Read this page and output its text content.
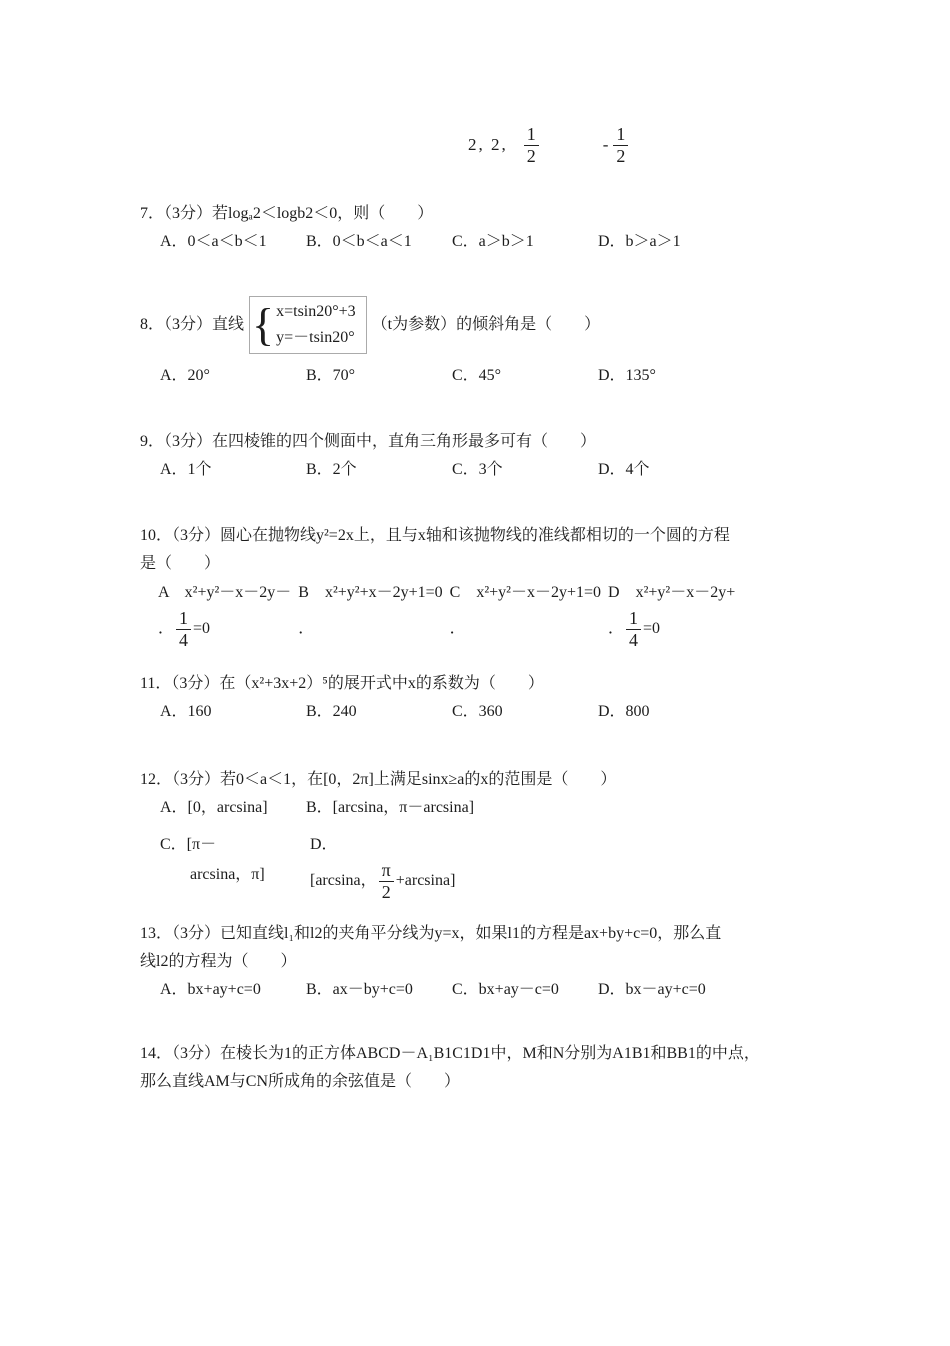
2, 2, $\frac{1}{2}$	- $\frac{1}{2}$
7．（3分）若logₐ2＜logb2＜0，则（　　）
A．0＜a＜b＜1 B．0＜b＜a＜1	C．a＞b＞1	D．b＞a＞1
8．（3分）直线 { x=tsin20°+3
y=－tsin20°
（t为参数）的倾斜角是（　　）
A．20°	B．70°	C．45°	D．135°
9．（3分）在四棱锥的四个侧面中，直角三角形最多可有（　　）
A．1个	B．2个	C．3个	D．4个
10．（3分）圆心在抛物线y²=2x上，且与x轴和该抛物线的准线都相切的一个圆的方程
是（　　）
A　x²+y²－x－2y－
． $\frac{1}{4} =0$
B　x²+y²+x－2y+1=0
．
C　x²+y²－x－2y+1=0
．
D　x²+y²－x－2y+
． $\frac{1}{4} =0$
11．（3分）在（x²+3x+2）⁵的展开式中x的系数为（　　）
A．160	B．240	C．360	D．800
12．（3分）若0＜a＜1，在[0，2π]上满足sinx≥a的x的范围是（　　）
A．[0，arcsina] B．[arcsina，π－arcsina]
C．[π－
arcsina，π]
D．
[arcsina， $\frac{\pi}{2} +\arcsin a$]
13．（3分）已知直线l₁和l2的夹角平分线为y=x，如果l1的方程是ax+by+c=0，那么直
线l2的方程为（　　）
A．bx+ay+c=0	B．ax－by+c=0 C．bx+ay－c=0 D．bx－ay+c=0
14．（3分）在棱长为1的正方体ABCD－A₁B1C1D1中，M和N分别为A1B1和BB1的中点，
那么直线AM与CN所成角的余弦值是（　　）
